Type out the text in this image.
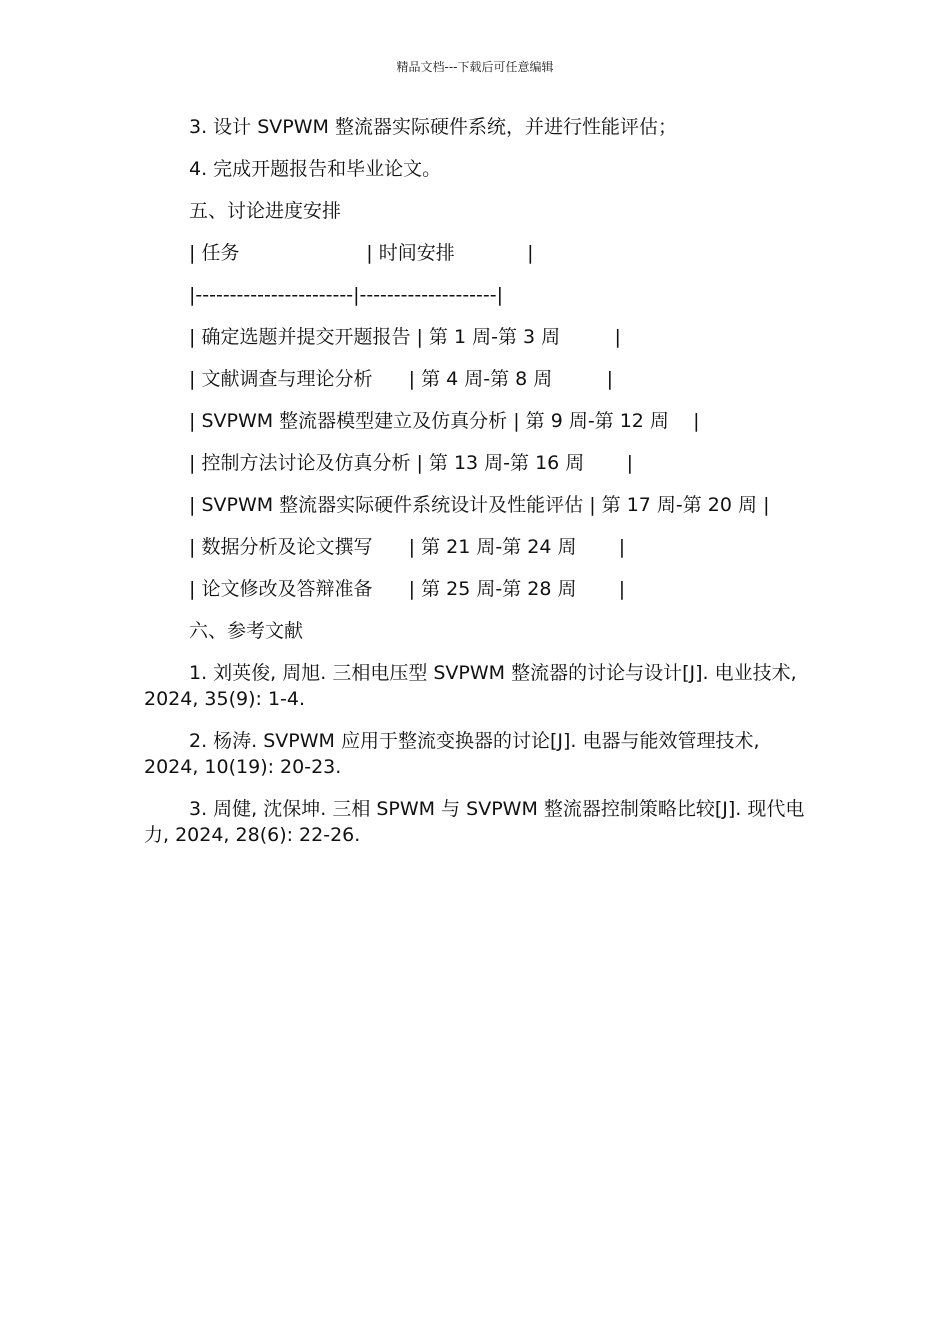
精品文档---下载后可任意编辑
3. 设计 SVPWM 整流器实际硬件系统，并进行性能评估；
4. 完成开题报告和毕业论文。
五、讨论进度安排
| 任务                     | 时间安排            |
|-----------------------|--------------------|
| 确定选题并提交开题报告 | 第 1 周-第 3 周         |
| 文献调查与理论分析      | 第 4 周-第 8 周         |
| SVPWM 整流器模型建立及仿真分析 | 第 9 周-第 12 周    |
| 控制方法讨论及仿真分析 | 第 13 周-第 16 周       |
| SVPWM 整流器实际硬件系统设计及性能评估 | 第 17 周-第 20 周 |
| 数据分析及论文撰写      | 第 21 周-第 24 周       |
| 论文修改及答辩准备      | 第 25 周-第 28 周       |
六、参考文献
1. 刘英俊, 周旭. 三相电压型 SVPWM 整流器的讨论与设计[J]. 电业技术, 2024, 35(9): 1-4.
2. 杨涛. SVPWM 应用于整流变换器的讨论[J]. 电器与能效管理技术, 2024, 10(19): 20-23.
3. 周健, 沈保坤. 三相 SPWM 与 SVPWM 整流器控制策略比较[J]. 现代电力, 2024, 28(6): 22-26.
